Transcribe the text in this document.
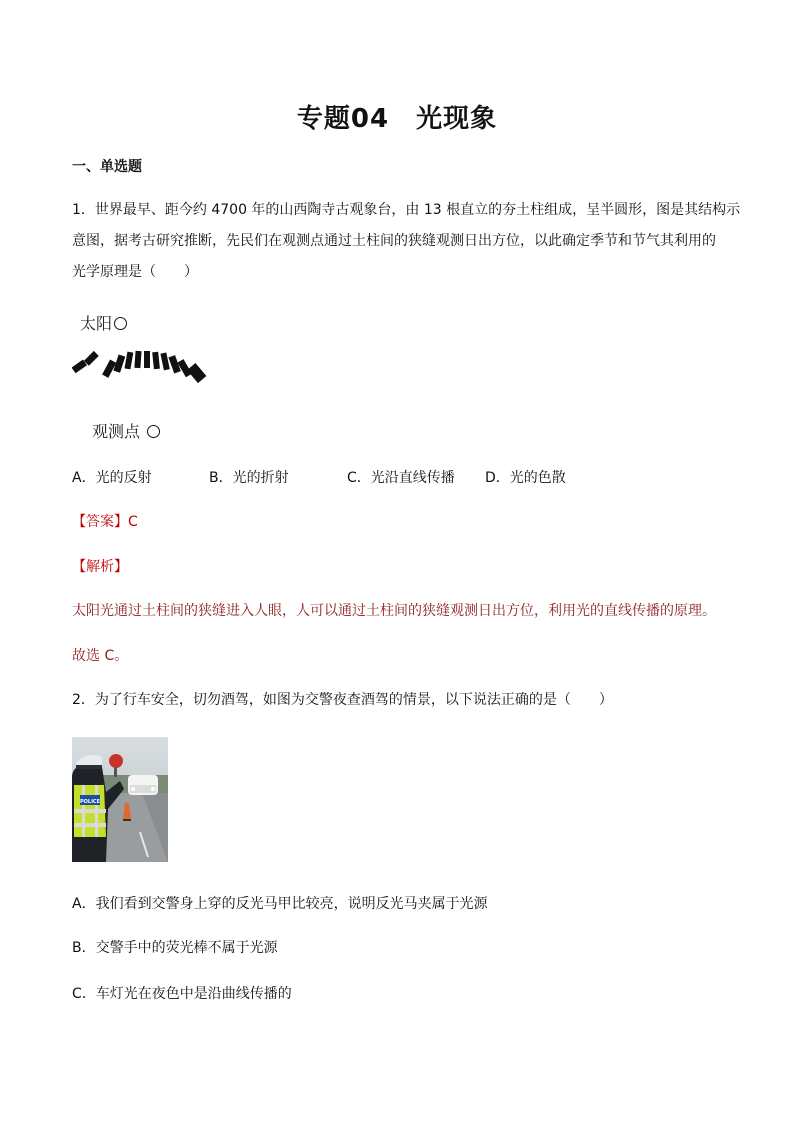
专题04　光现象
一、单选题
1．世界最早、距今约 4700 年的山西陶寺古观象台，由 13 根直立的夯土柱组成，呈半圆形，图是其结构示
意图，据考古研究推断，先民们在观测点通过土柱间的狭缝观测日出方位，以此确定季节和节气其利用的
光学原理是（　　）
太阳
观测点
A．光的反射	B．光的折射	C．光沿直线传播 D．光的色散
【答案】C
【解析】
太阳光通过土柱间的狭缝进入人眼，人可以通过土柱间的狭缝观测日出方位，利用光的直线传播的原理。
故选 C。
2．为了行车安全，切勿酒驾，如图为交警夜查酒驾的情景，以下说法正确的是（　　）
POLICE
A．我们看到交警身上穿的反光马甲比较亮，说明反光马夹属于光源
B．交警手中的荧光棒不属于光源
C．车灯光在夜色中是沿曲线传播的
